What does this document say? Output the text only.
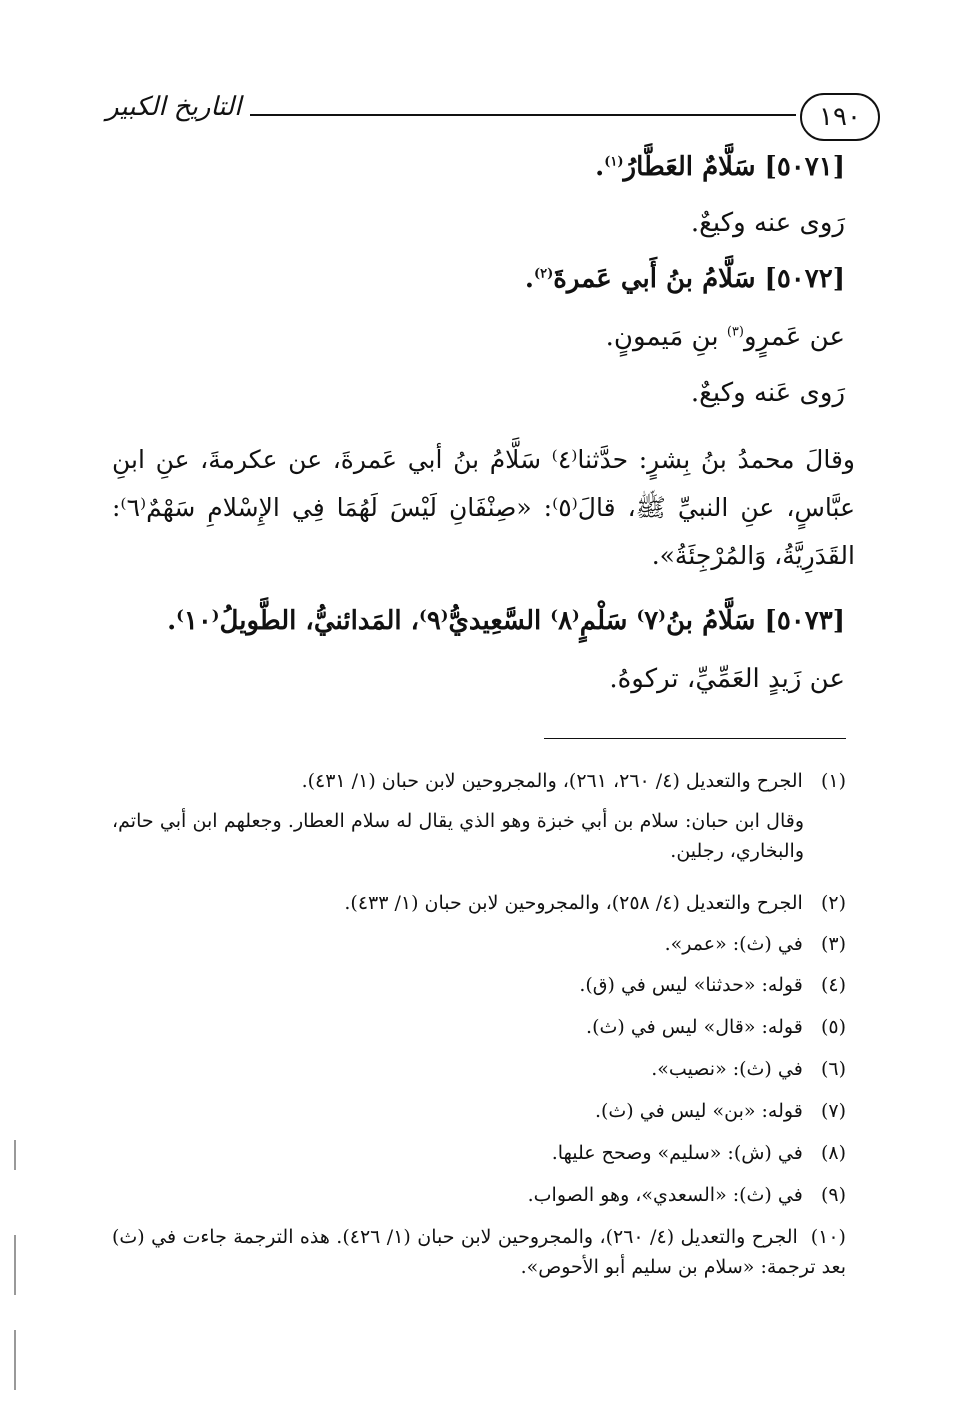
التاريخ الكبير	١٩٠
[٥٠٧١] سَلَّامٌ العَطَّارُ$^{(١)}$.
رَوى عنه وكيعٌ.
[٥٠٧٢] سَلَّامُ بنُ أَبي عَمرةَ$^{(٢)}$.
عن عَمرٍو$^{(٣)}$ بنِ مَيمونٍ.
رَوى عَنه وكيعٌ.
وقالَ محمدُ بنُ بِشرٍ: حدَّثنا⁽٤⁾ سَلَّامُ بنُ أبي عَمرةَ، عن عكرمةَ، عنِ ابنِ عبَّاسٍ، عنِ النبيِّ ﷺ، قالَ⁽٥⁾: «صِنْفَانِ لَيْسَ لَهُمَا فِي الإِسْلامِ سَهْمٌ⁽٦⁾: القَدَرِيَّةُ، وَالمُرْجِئَةُ».
[٥٠٧٣] سَلَّامُ بنُ⁽٧⁾ سَلْمٍ⁽٨⁾ السَّعِيديُّ⁽٩⁾، المَدائنيُّ، الطَّويلُ⁽١٠⁾.
عن زَيدٍ العَمِّيِّ، تركوهُ.
(١)   الجرح والتعديل (٤/ ٢٦٠، ٢٦١)، والمجروحين لابن حبان (١/ ٤٣١).
وقال ابن حبان: سلام بن أبي خبزة وهو الذي يقال له سلام العطار. وجعلهم ابن أبي حاتم، والبخاري، رجلين.
(٢)   الجرح والتعديل (٤/ ٢٥٨)، والمجروحين لابن حبان (١/ ٤٣٣).
(٣)   في (ث): «عمر».
(٤)   قوله: «حدثنا» ليس في (ق).
(٥)   قوله: «قال» ليس في (ث).
(٦)   في (ث): «نصيب».
(٧)   قوله: «بن» ليس في (ث).
(٨)   في (ش): «سليم» وصحح عليها.
(٩)   في (ث): «السعدي»، وهو الصواب.
(١٠)  الجرح والتعديل (٤/ ٢٦٠)، والمجروحين لابن حبان (١/ ٤٢٦). هذه الترجمة جاءت في (ث) بعد ترجمة: «سلام بن سليم أبو الأحوص».
